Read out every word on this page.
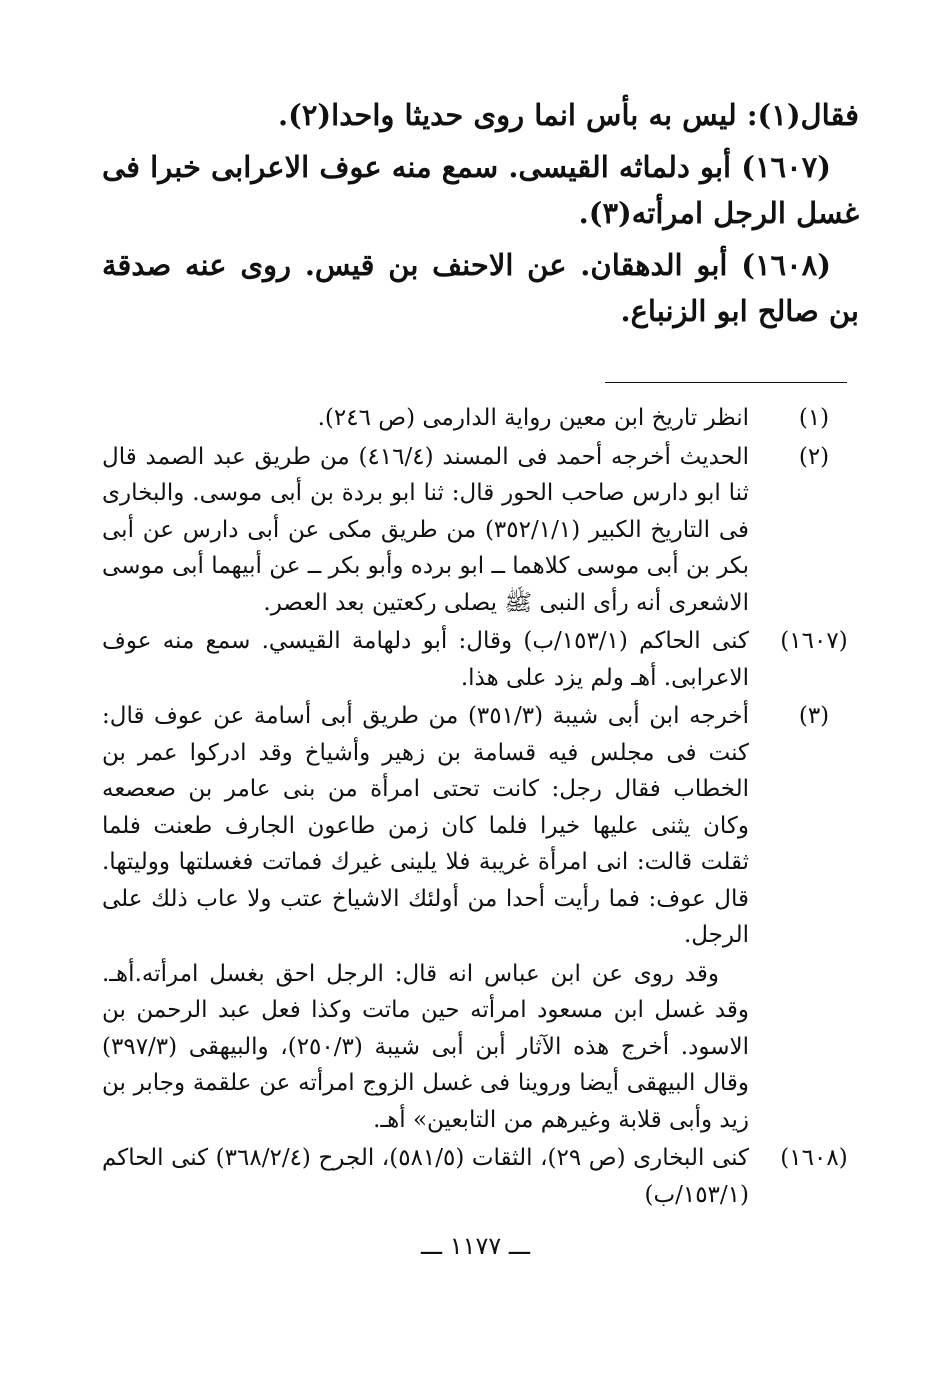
فقال(١): ليس به بأس انما روى حديثا واحدا(٢).

(١٦٠٧) أبو دلماثه القيسى. سمع منه عوف الاعرابى خبرا فى غسل الرجل امرأته(٣).

(١٦٠٨) أبو الدهقان. عن الاحنف بن قيس. روى عنه صدقة بن صالح ابو الزنباع.

(١)
انظر تاريخ ابن معين رواية الدارمى (ص ٢٤٦).
(٢)
الحديث أخرجه أحمد فى المسند (٤١٦/٤) من طريق عبد الصمد قال ثنا ابو دارس صاحب الحور قال: ثنا ابو بردة بن أبى موسى. والبخارى فى التاريخ الكبير (٣٥٢/١/١) من طريق مكى عن أبى دارس عن أبى بكر بن أبى موسى كلاهما ــ ابو برده وأبو بكر ــ عن أبيهما أبى موسى الاشعرى أنه رأى النبى ﷺ يصلى ركعتين بعد العصر.
(١٦٠٧)
كنى الحاكم (١٥٣/١/ب) وقال: أبو دلهامة القيسي. سمع منه عوف الاعرابى. أهـ ولم يزد على هذا.
(٣)
أخرجه ابن أبى شيبة (٣٥١/٣) من طريق أبى أسامة عن عوف قال: كنت فى مجلس فيه قسامة بن زهير وأشياخ وقد ادركوا عمر بن الخطاب فقال رجل: كانت تحتى امرأة من بنى عامر بن صعصعه وكان يثنى عليها خيرا فلما كان زمن طاعون الجارف طعنت فلما ثقلت قالت: انى امرأة غريبة فلا يلينى غيرك فماتت فغسلتها ووليتها. قال عوف: فما رأيت أحدا من أولئك الاشياخ عتب ولا عاب ذلك على الرجل.
وقد روى عن ابن عباس انه قال: الرجل احق بغسل امرأته.أهـ. وقد غسل ابن مسعود امرأته حين ماتت وكذا فعل عبد الرحمن بن الاسود. أخرج هذه الآثار أبن أبى شيبة (٢٥٠/٣)، والبيهقى (٣٩٧/٣) وقال البيهقى أيضا وروينا فى غسل الزوج امرأته عن علقمة وجابر بن زيد وأبى قلابة وغيرهم من التابعين» أهـ.
(١٦٠٨)
كنى البخارى (ص ٢٩)، الثقات (٥٨١/٥)، الجرح (٣٦٨/٢/٤) كنى الحاكم (١٥٣/١/ب)
ـــ ١١٧٧ ـــ
